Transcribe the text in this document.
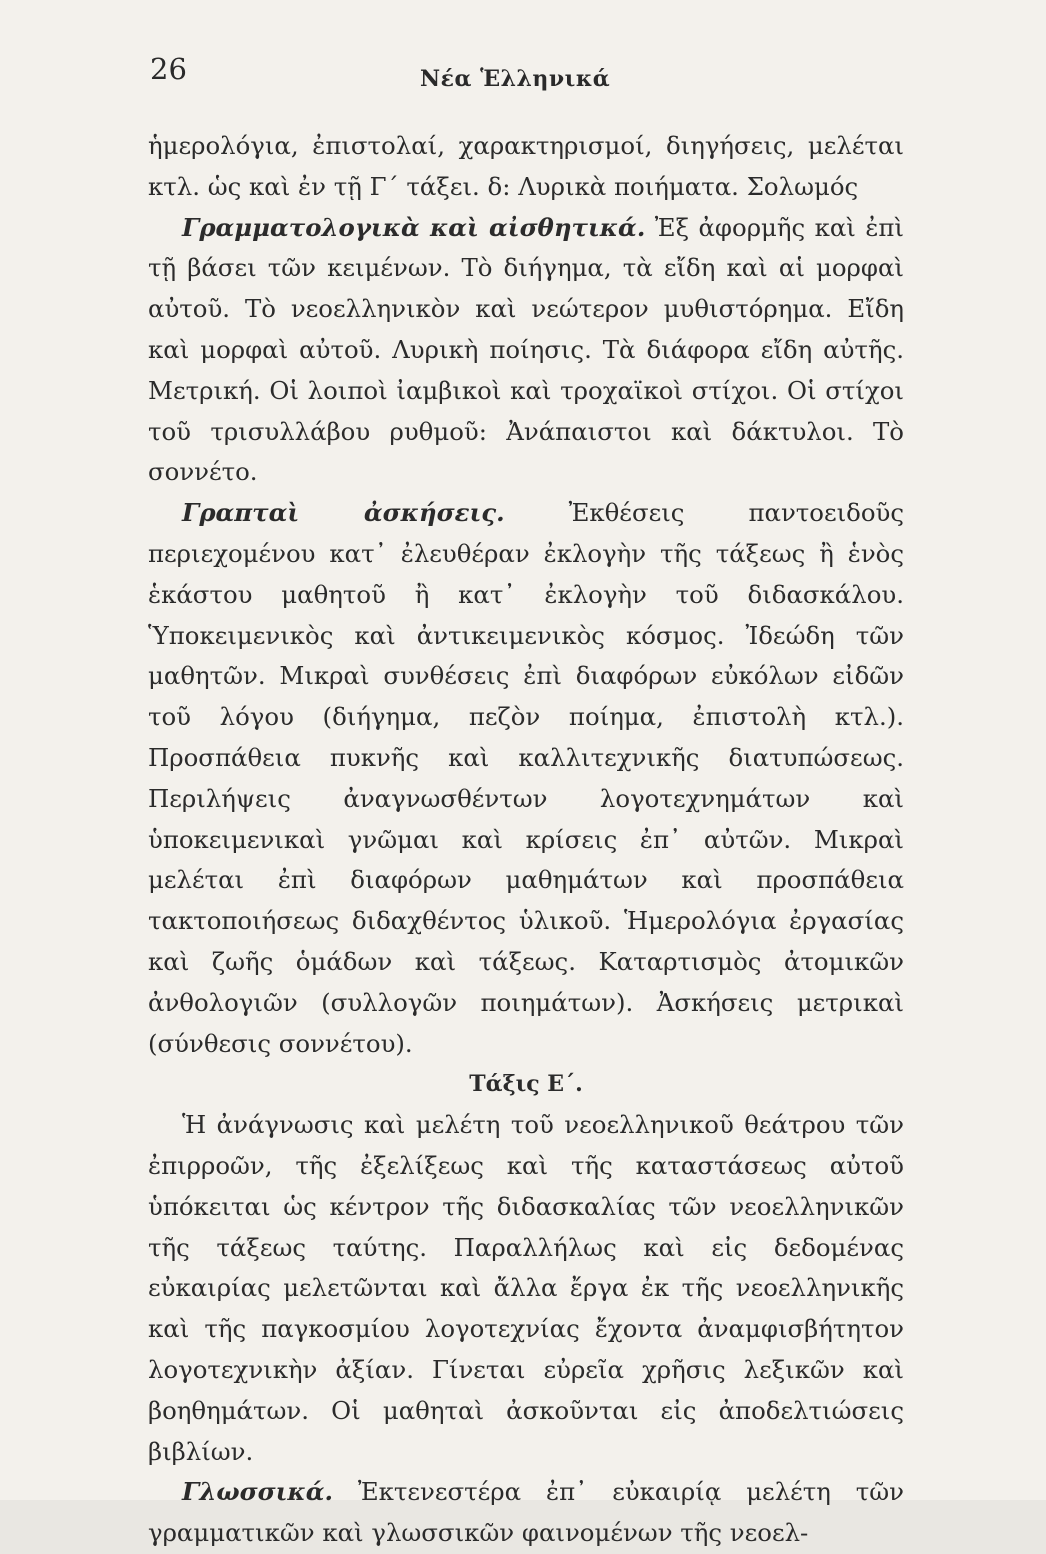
26	Νέα Ἑλληνικά

ἡμερολόγια, ἐπιστολαί, χαρακτηρισμοί, διηγήσεις, μελέται κτλ. ὡς καὶ ἐν τῇ Γ΄ τάξει. δ: Λυρικὰ ποιήματα. Σολωμός

Γραμματολογικὰ καὶ αἰσθητικά. Ἐξ ἀφορμῆς καὶ ἐπὶ τῇ βάσει τῶν κειμένων. Τὸ διήγημα, τὰ εἴδη καὶ αἱ μορφαὶ αὐτοῦ. Τὸ νεοελληνικὸν καὶ νεώτερον μυθιστόρημα. Εἴδη καὶ μορφαὶ αὐτοῦ. Λυρικὴ ποίησις. Τὰ διάφορα εἴδη αὐτῆς. Μετρική. Οἱ λοιποὶ ἰαμβικοὶ καὶ τροχαϊκοὶ στίχοι. Οἱ στίχοι τοῦ τρισυλλάβου ρυθμοῦ: Ἀνάπαιστοι καὶ δάκτυλοι. Τὸ σοννέτο.

Γραπταὶ ἀσκήσεις. Ἐκθέσεις παντοειδοῦς περιεχομένου κατ᾽ ἐλευθέραν ἐκλογὴν τῆς τάξεως ἢ ἑνὸς ἑκάστου μαθητοῦ ἢ κατ᾽ ἐκλογὴν τοῦ διδασκάλου. Ὑποκειμενικὸς καὶ ἀντικειμενικὸς κόσμος. Ἰδεώδη τῶν μαθητῶν. Μικραὶ συνθέσεις ἐπὶ διαφόρων εὐκόλων εἰδῶν τοῦ λόγου (διήγημα, πεζὸν ποίημα, ἐπιστολὴ κτλ.). Προσπάθεια πυκνῆς καὶ καλλιτεχνικῆς διατυπώσεως. Περιλήψεις ἀναγνωσθέντων λογοτεχνημάτων καὶ ὑποκειμενικαὶ γνῶμαι καὶ κρίσεις ἐπ᾽ αὐτῶν. Μικραὶ μελέται ἐπὶ διαφόρων μαθημάτων καὶ προσπάθεια τακτοποιήσεως διδαχθέντος ὑλικοῦ. Ἡμερολόγια ἐργασίας καὶ ζωῆς ὁμάδων καὶ τάξεως. Καταρτισμὸς ἀτομικῶν ἀνθολογιῶν (συλλογῶν ποιημάτων). Ἀσκήσεις μετρικαὶ (σύνθεσις σοννέτου).

Τάξις Ε΄.

Ἡ ἀνάγνωσις καὶ μελέτη τοῦ νεοελληνικοῦ θεάτρου τῶν ἐπιρροῶν, τῆς ἐξελίξεως καὶ τῆς καταστάσεως αὐτοῦ ὑπόκειται ὡς κέντρον τῆς διδασκαλίας τῶν νεοελληνικῶν τῆς τάξεως ταύτης. Παραλλήλως καὶ εἰς δεδομένας εὐκαιρίας μελετῶνται καὶ ἄλλα ἔργα ἐκ τῆς νεοελληνικῆς καὶ τῆς παγκοσμίου λογοτεχνίας ἔχοντα ἀναμφισβήτητον λογοτεχνικὴν ἀξίαν. Γίνεται εὐρεῖα χρῆσις λεξικῶν καὶ βοηθημάτων. Οἱ μαθηταὶ ἀσκοῦνται εἰς ἀποδελτιώσεις βιβλίων.

Γλωσσικά. Ἐκτενεστέρα ἐπ᾽ εὐκαιρίᾳ μελέτη τῶν γραμματικῶν καὶ γλωσσικῶν φαινομένων τῆς νεοελ-
